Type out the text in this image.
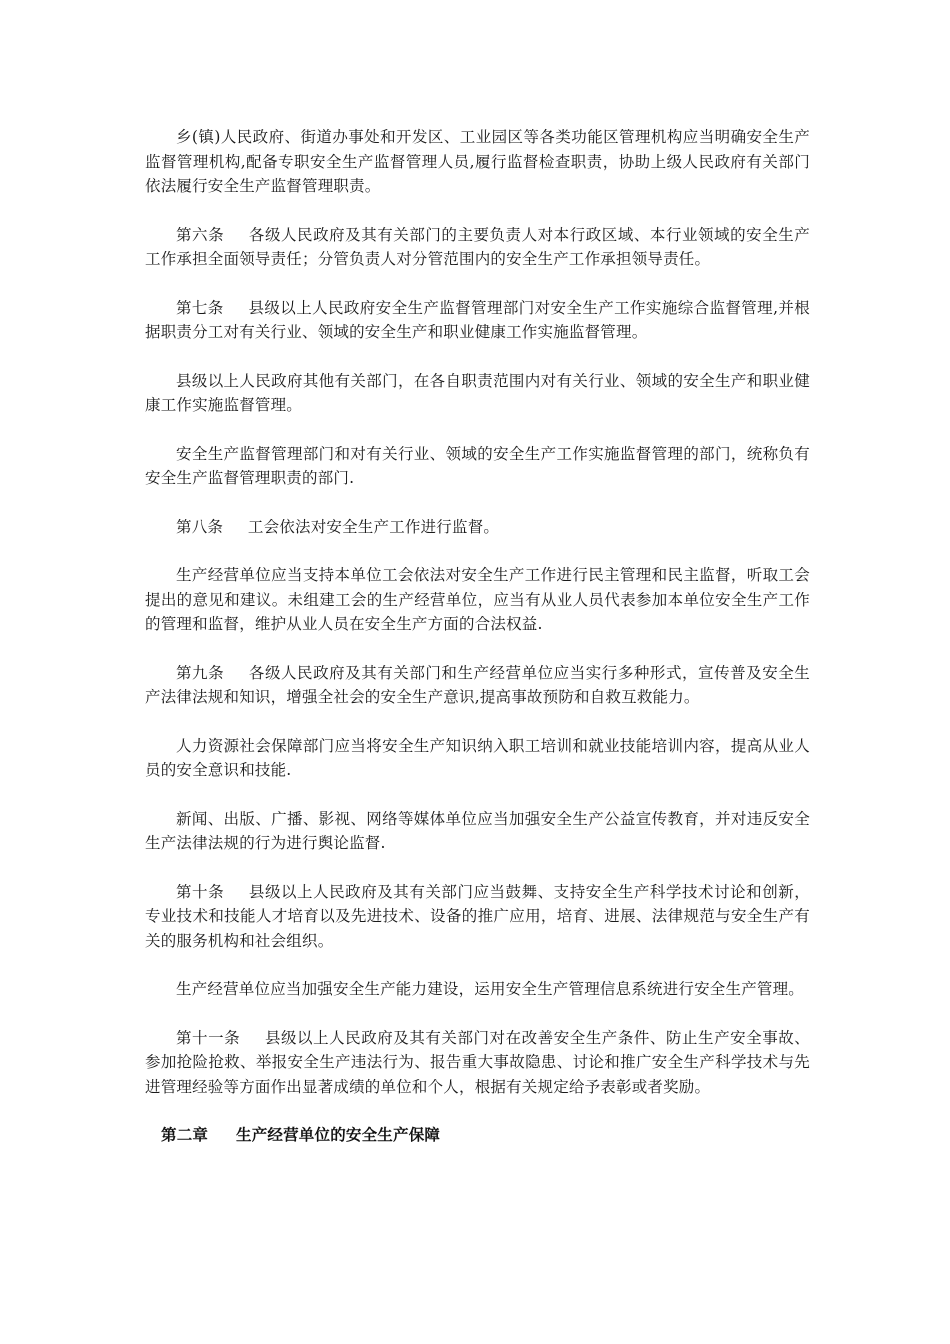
乡(镇)人民政府、街道办事处和开发区、工业园区等各类功能区管理机构应当明确安全生产监督管理机构,配备专职安全生产监督管理人员,履行监督检查职责，协助上级人民政府有关部门依法履行安全生产监督管理职责。

第六条 各级人民政府及其有关部门的主要负责人对本行政区域、本行业领域的安全生产工作承担全面领导责任；分管负责人对分管范围内的安全生产工作承担领导责任。

第七条 县级以上人民政府安全生产监督管理部门对安全生产工作实施综合监督管理,并根据职责分工对有关行业、领域的安全生产和职业健康工作实施监督管理。

县级以上人民政府其他有关部门，在各自职责范围内对有关行业、领域的安全生产和职业健康工作实施监督管理。

安全生产监督管理部门和对有关行业、领域的安全生产工作实施监督管理的部门，统称负有安全生产监督管理职责的部门.

第八条 工会依法对安全生产工作进行监督。

生产经营单位应当支持本单位工会依法对安全生产工作进行民主管理和民主监督，听取工会提出的意见和建议。未组建工会的生产经营单位，应当有从业人员代表参加本单位安全生产工作的管理和监督，维护从业人员在安全生产方面的合法权益.

第九条 各级人民政府及其有关部门和生产经营单位应当实行多种形式，宣传普及安全生产法律法规和知识，增强全社会的安全生产意识,提高事故预防和自救互救能力。

人力资源社会保障部门应当将安全生产知识纳入职工培训和就业技能培训内容，提高从业人员的安全意识和技能.

新闻、出版、广播、影视、网络等媒体单位应当加强安全生产公益宣传教育，并对违反安全生产法律法规的行为进行舆论监督.

第十条 县级以上人民政府及其有关部门应当鼓舞、支持安全生产科学技术讨论和创新，专业技术和技能人才培育以及先进技术、设备的推广应用，培育、进展、法律规范与安全生产有关的服务机构和社会组织。

生产经营单位应当加强安全生产能力建设，运用安全生产管理信息系统进行安全生产管理。

第十一条 县级以上人民政府及其有关部门对在改善安全生产条件、防止生产安全事故、参加抢险抢救、举报安全生产违法行为、报告重大事故隐患、讨论和推广安全生产科学技术与先进管理经验等方面作出显著成绩的单位和个人，根据有关规定给予表彰或者奖励。

第二章 生产经营单位的安全生产保障
